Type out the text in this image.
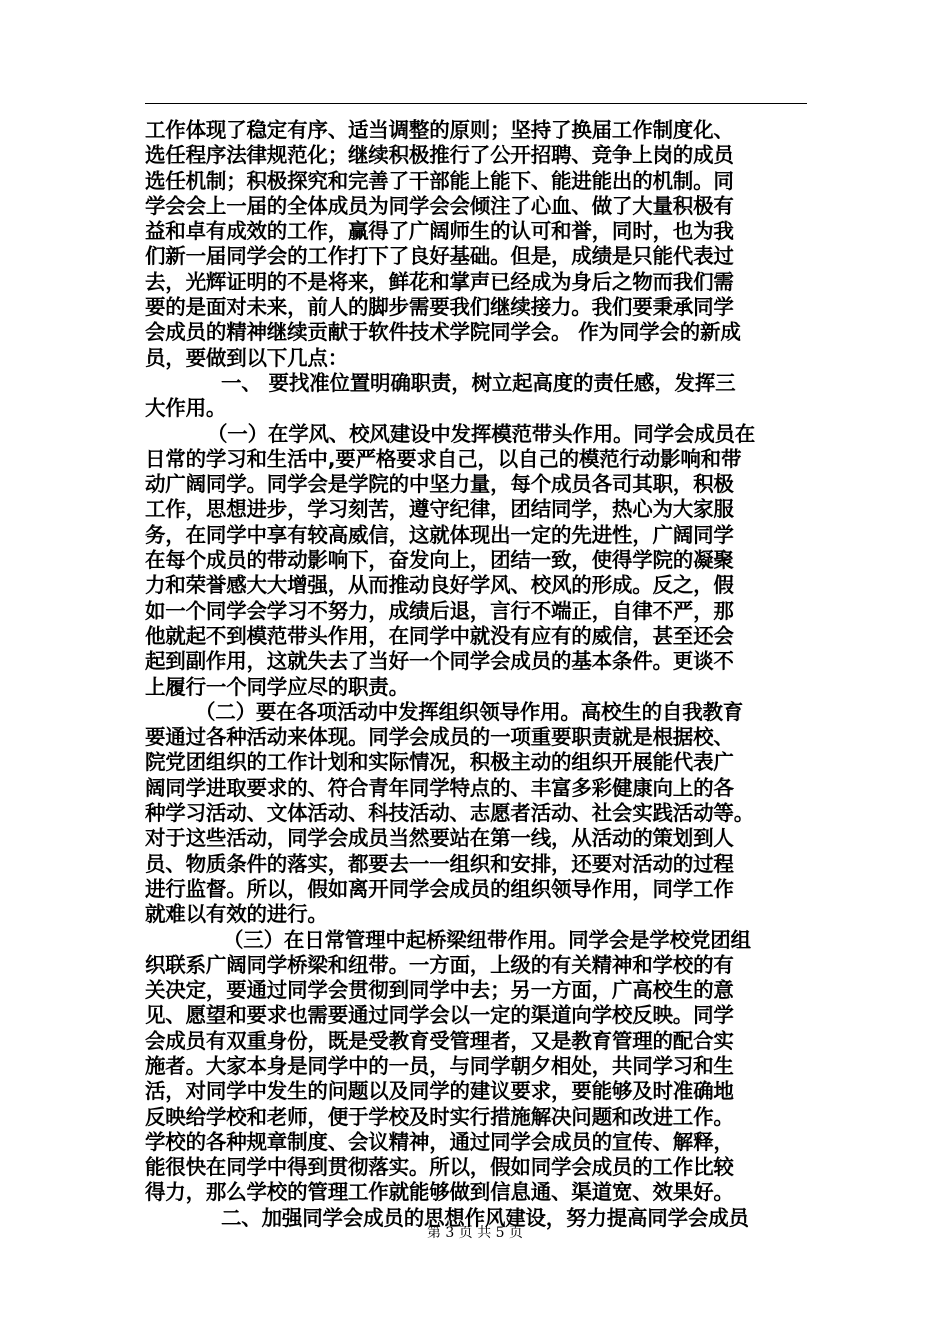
工作体现了稳定有序、适当调整的原则；坚持了换届工作制度化、
选任程序法律规范化；继续积极推行了公开招聘、竞争上岗的成员
选任机制；积极探究和完善了干部能上能下、能进能出的机制。同
学会会上一届的全体成员为同学会会倾注了心血、做了大量积极有
益和卓有成效的工作，赢得了广阔师生的认可和誉，同时，也为我
们新一届同学会的工作打下了良好基础。但是，成绩是只能代表过
去，光辉证明的不是将来，鲜花和掌声已经成为身后之物而我们需
要的是面对未来，前人的脚步需要我们继续接力。我们要秉承同学
会成员的精神继续贡献于软件技术学院同学会。 作为同学会的新成
员，要做到以下几点：
一、 要找准位置明确职责，树立起高度的责任感，发挥三
大作用。
（一）在学风、校风建设中发挥模范带头作用。同学会成员在
日常的学习和生活中,要严格要求自己，以自己的模范行动影响和带
动广阔同学。同学会是学院的中坚力量，每个成员各司其职，积极
工作，思想进步，学习刻苦，遵守纪律，团结同学，热心为大家服
务，在同学中享有较高威信，这就体现出一定的先进性，广阔同学
在每个成员的带动影响下，奋发向上，团结一致，使得学院的凝聚
力和荣誉感大大增强，从而推动良好学风、校风的形成。反之，假
如一个同学会学习不努力，成绩后退，言行不端正，自律不严，那
他就起不到模范带头作用，在同学中就没有应有的威信，甚至还会
起到副作用，这就失去了当好一个同学会成员的基本条件。更谈不
上履行一个同学应尽的职责。
（二）要在各项活动中发挥组织领导作用。高校生的自我教育
要通过各种活动来体现。同学会成员的一项重要职责就是根据校、
院党团组织的工作计划和实际情况，积极主动的组织开展能代表广
阔同学进取要求的、符合青年同学特点的、丰富多彩健康向上的各
种学习活动、文体活动、科技活动、志愿者活动、社会实践活动等。
对于这些活动，同学会成员当然要站在第一线，从活动的策划到人
员、物质条件的落实，都要去一一组织和安排，还要对活动的过程
进行监督。所以，假如离开同学会成员的组织领导作用，同学工作
就难以有效的进行。
（三）在日常管理中起桥梁纽带作用。同学会是学校党团组
织联系广阔同学桥梁和纽带。一方面，上级的有关精神和学校的有
关决定，要通过同学会贯彻到同学中去；另一方面，广高校生的意
见、愿望和要求也需要通过同学会以一定的渠道向学校反映。同学
会成员有双重身份，既是受教育受管理者，又是教育管理的配合实
施者。大家本身是同学中的一员，与同学朝夕相处，共同学习和生
活，对同学中发生的问题以及同学的建议要求，要能够及时准确地
反映给学校和老师，便于学校及时实行措施解决问题和改进工作。
学校的各种规章制度、会议精神，通过同学会成员的宣传、解释，
能很快在同学中得到贯彻落实。所以，假如同学会成员的工作比较
得力，那么学校的管理工作就能够做到信息通、渠道宽、效果好。
二、加强同学会成员的思想作风建设，努力提高同学会成员
第 3 页 共 5 页
